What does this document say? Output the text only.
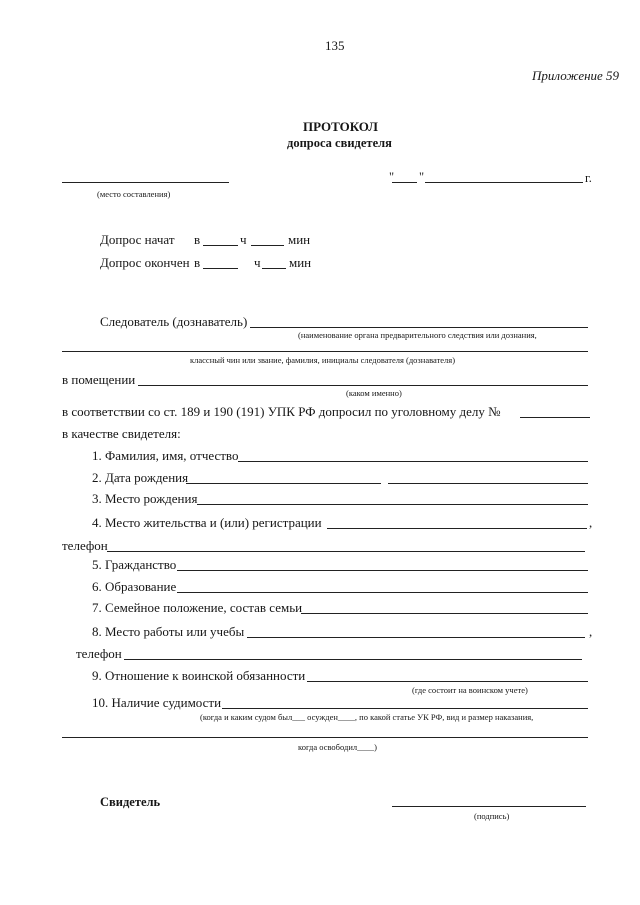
135
Приложение 59
ПРОТОКОЛ
допроса свидетеля
(место составления)
" "	г.
Допрос начат в	ч	мин
Допрос окончен в	ч мин
Следователь (дознаватель)
(наименование органа предварительного следствия или дознания,
классный чин или звание, фамилия, инициалы следователя (дознавателя)
в помещении
(каком именно)
в соответствии со ст. 189 и 190 (191) УПК РФ допросил по уголовному делу №
в качестве свидетеля:
1. Фамилия, имя, отчество
2. Дата рождения
3. Место рождения
4. Место жительства и (или) регистрации	,
телефон
5. Гражданство
6. Образование
7. Семейное положение, состав семьи
8. Место работы или учебы	,
телефон
9. Отношение к воинской обязанности
(где состоит на воинском учете)
10. Наличие судимости
(когда и каким судом был___ осужден____, по какой статье УК РФ, вид и размер наказания,
когда освободил____)
Свидетель
(подпись)
